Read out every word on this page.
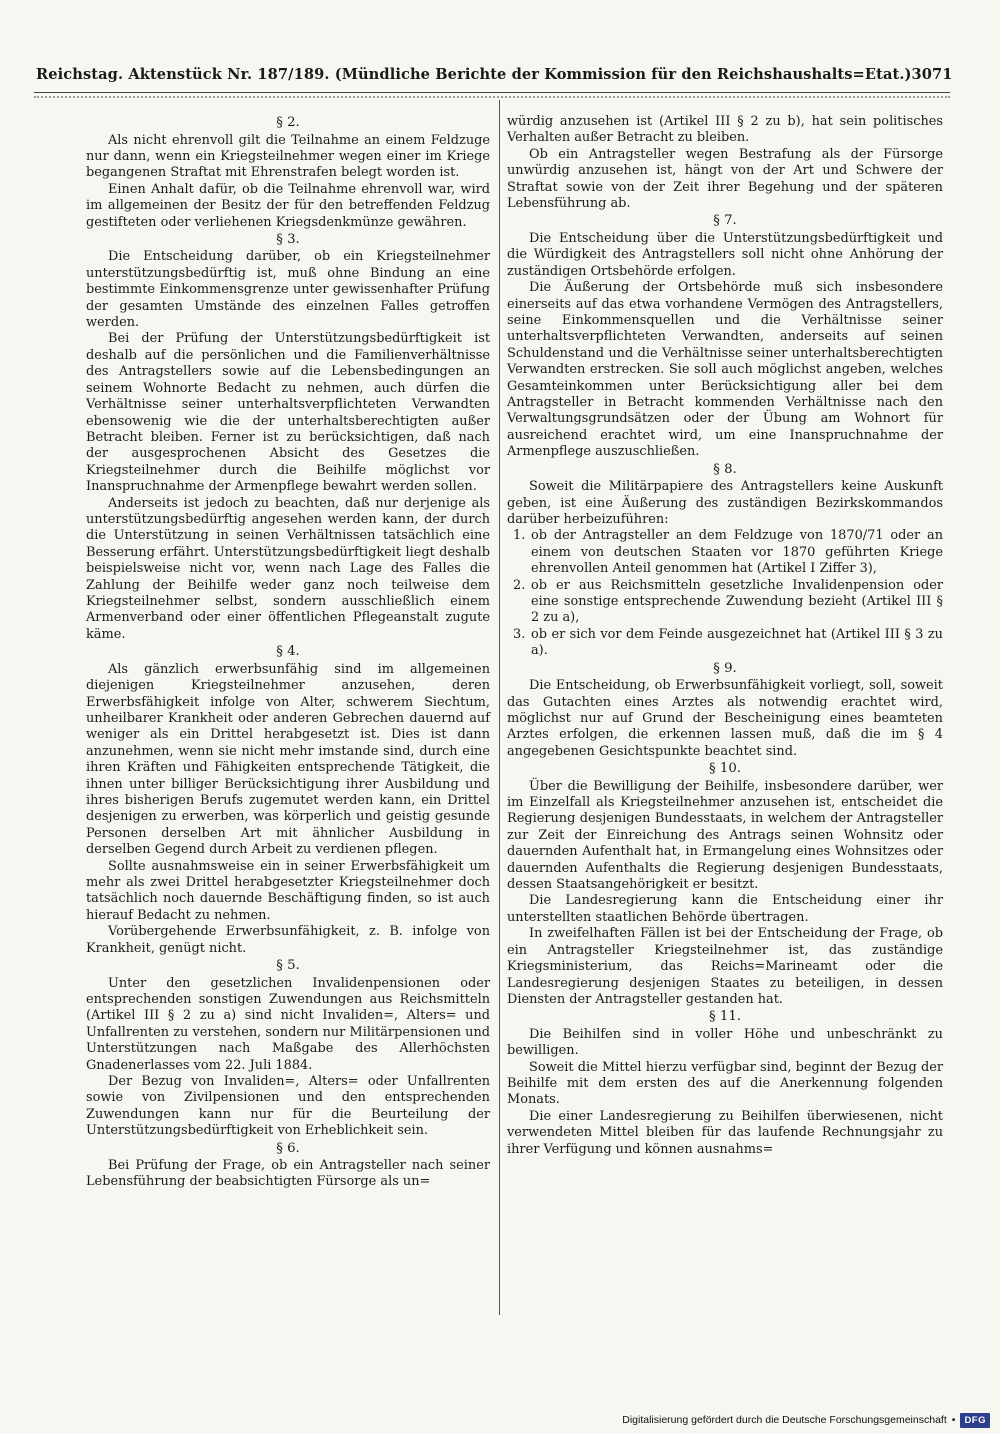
Reichstag. Aktenstück Nr. 187/189. (Mündliche Berichte der Kommission für den Reichshaushalts=Etat.) 3071

§ 2.

Als nicht ehrenvoll gilt die Teilnahme an einem Feldzuge nur dann, wenn ein Kriegsteilnehmer wegen einer im Kriege begangenen Straftat mit Ehrenstrafen belegt worden ist.

Einen Anhalt dafür, ob die Teilnahme ehrenvoll war, wird im allgemeinen der Besitz der für den betreffenden Feldzug gestifteten oder verliehenen Kriegsdenkmünze gewähren.

§ 3.

Die Entscheidung darüber, ob ein Kriegsteilnehmer unterstützungsbedürftig ist, muß ohne Bindung an eine bestimmte Einkommensgrenze unter gewissenhafter Prüfung der gesamten Umstände des einzelnen Falles getroffen werden.

Bei der Prüfung der Unterstützungsbedürftigkeit ist deshalb auf die persönlichen und die Familienverhältnisse des Antragstellers sowie auf die Lebensbedingungen an seinem Wohnorte Bedacht zu nehmen, auch dürfen die Verhältnisse seiner unterhaltsverpflichteten Verwandten ebensowenig wie die der unterhaltsberechtigten außer Betracht bleiben. Ferner ist zu berücksichtigen, daß nach der ausgesprochenen Absicht des Gesetzes die Kriegsteilnehmer durch die Beihilfe möglichst vor Inanspruchnahme der Armenpflege bewahrt werden sollen.

Anderseits ist jedoch zu beachten, daß nur derjenige als unterstützungsbedürftig angesehen werden kann, der durch die Unterstützung in seinen Verhältnissen tatsächlich eine Besserung erfährt. Unterstützungsbedürftigkeit liegt deshalb beispielsweise nicht vor, wenn nach Lage des Falles die Zahlung der Beihilfe weder ganz noch teilweise dem Kriegsteilnehmer selbst, sondern ausschließlich einem Armenverband oder einer öffentlichen Pflegeanstalt zugute käme.

§ 4.

Als gänzlich erwerbsunfähig sind im allgemeinen diejenigen Kriegsteilnehmer anzusehen, deren Erwerbsfähigkeit infolge von Alter, schwerem Siechtum, unheilbarer Krankheit oder anderen Gebrechen dauernd auf weniger als ein Drittel herabgesetzt ist. Dies ist dann anzunehmen, wenn sie nicht mehr imstande sind, durch eine ihren Kräften und Fähigkeiten entsprechende Tätigkeit, die ihnen unter billiger Berücksichtigung ihrer Ausbildung und ihres bisherigen Berufs zugemutet werden kann, ein Drittel desjenigen zu erwerben, was körperlich und geistig gesunde Personen derselben Art mit ähnlicher Ausbildung in derselben Gegend durch Arbeit zu verdienen pflegen.

Sollte ausnahmsweise ein in seiner Erwerbsfähigkeit um mehr als zwei Drittel herabgesetzter Kriegsteilnehmer doch tatsächlich noch dauernde Beschäftigung finden, so ist auch hierauf Bedacht zu nehmen.

Vorübergehende Erwerbsunfähigkeit, z. B. infolge von Krankheit, genügt nicht.

§ 5.

Unter den gesetzlichen Invalidenpensionen oder entsprechenden sonstigen Zuwendungen aus Reichsmitteln (Artikel III § 2 zu a) sind nicht Invaliden=, Alters= und Unfallrenten zu verstehen, sondern nur Militärpensionen und Unterstützungen nach Maßgabe des Allerhöchsten Gnadenerlasses vom 22. Juli 1884.

Der Bezug von Invaliden=, Alters= oder Unfallrenten sowie von Zivilpensionen und den entsprechenden Zuwendungen kann nur für die Beurteilung der Unterstützungsbedürftigkeit von Erheblichkeit sein.

§ 6.

Bei Prüfung der Frage, ob ein Antragsteller nach seiner Lebensführung der beabsichtigten Fürsorge als un=

würdig anzusehen ist (Artikel III § 2 zu b), hat sein politisches Verhalten außer Betracht zu bleiben.

Ob ein Antragsteller wegen Bestrafung als der Fürsorge unwürdig anzusehen ist, hängt von der Art und Schwere der Straftat sowie von der Zeit ihrer Begehung und der späteren Lebensführung ab.

§ 7.

Die Entscheidung über die Unterstützungsbedürftigkeit und die Würdigkeit des Antragstellers soll nicht ohne Anhörung der zuständigen Ortsbehörde erfolgen.

Die Äußerung der Ortsbehörde muß sich insbesondere einerseits auf das etwa vorhandene Vermögen des Antragstellers, seine Einkommensquellen und die Verhältnisse seiner unterhaltsverpflichteten Verwandten, anderseits auf seinen Schuldenstand und die Verhältnisse seiner unterhaltsberechtigten Verwandten erstrecken. Sie soll auch möglichst angeben, welches Gesamteinkommen unter Berücksichtigung aller bei dem Antragsteller in Betracht kommenden Verhältnisse nach den Verwaltungsgrundsätzen oder der Übung am Wohnort für ausreichend erachtet wird, um eine Inanspruchnahme der Armenpflege auszuschließen.

§ 8.

Soweit die Militärpapiere des Antragstellers keine Auskunft geben, ist eine Äußerung des zuständigen Bezirkskommandos darüber herbeizuführen:

1. ob der Antragsteller an dem Feldzuge von 1870/71 oder an einem von deutschen Staaten vor 1870 geführten Kriege ehrenvollen Anteil genommen hat (Artikel I Ziffer 3),
2. ob er aus Reichsmitteln gesetzliche Invalidenpension oder eine sonstige entsprechende Zuwendung bezieht (Artikel III § 2 zu a),
3. ob er sich vor dem Feinde ausgezeichnet hat (Artikel III § 3 zu a).

§ 9.

Die Entscheidung, ob Erwerbsunfähigkeit vorliegt, soll, soweit das Gutachten eines Arztes als notwendig erachtet wird, möglichst nur auf Grund der Bescheinigung eines beamteten Arztes erfolgen, die erkennen lassen muß, daß die im § 4 angegebenen Gesichtspunkte beachtet sind.

§ 10.

Über die Bewilligung der Beihilfe, insbesondere darüber, wer im Einzelfall als Kriegsteilnehmer anzusehen ist, entscheidet die Regierung desjenigen Bundesstaats, in welchem der Antragsteller zur Zeit der Einreichung des Antrags seinen Wohnsitz oder dauernden Aufenthalt hat, in Ermangelung eines Wohnsitzes oder dauernden Aufenthalts die Regierung desjenigen Bundesstaats, dessen Staatsangehörigkeit er besitzt.

Die Landesregierung kann die Entscheidung einer ihr unterstellten staatlichen Behörde übertragen.

In zweifelhaften Fällen ist bei der Entscheidung der Frage, ob ein Antragsteller Kriegsteilnehmer ist, das zuständige Kriegsministerium, das Reichs=Marineamt oder die Landesregierung desjenigen Staates zu beteiligen, in dessen Diensten der Antragsteller gestanden hat.

§ 11.

Die Beihilfen sind in voller Höhe und unbeschränkt zu bewilligen.

Soweit die Mittel hierzu verfügbar sind, beginnt der Bezug der Beihilfe mit dem ersten des auf die Anerkennung folgenden Monats.

Die einer Landesregierung zu Beihilfen überwiesenen, nicht verwendeten Mittel bleiben für das laufende Rechnungsjahr zu ihrer Verfügung und können ausnahms=

Digitalisierung gefördert durch die Deutsche Forschungsgemeinschaft • DFG
